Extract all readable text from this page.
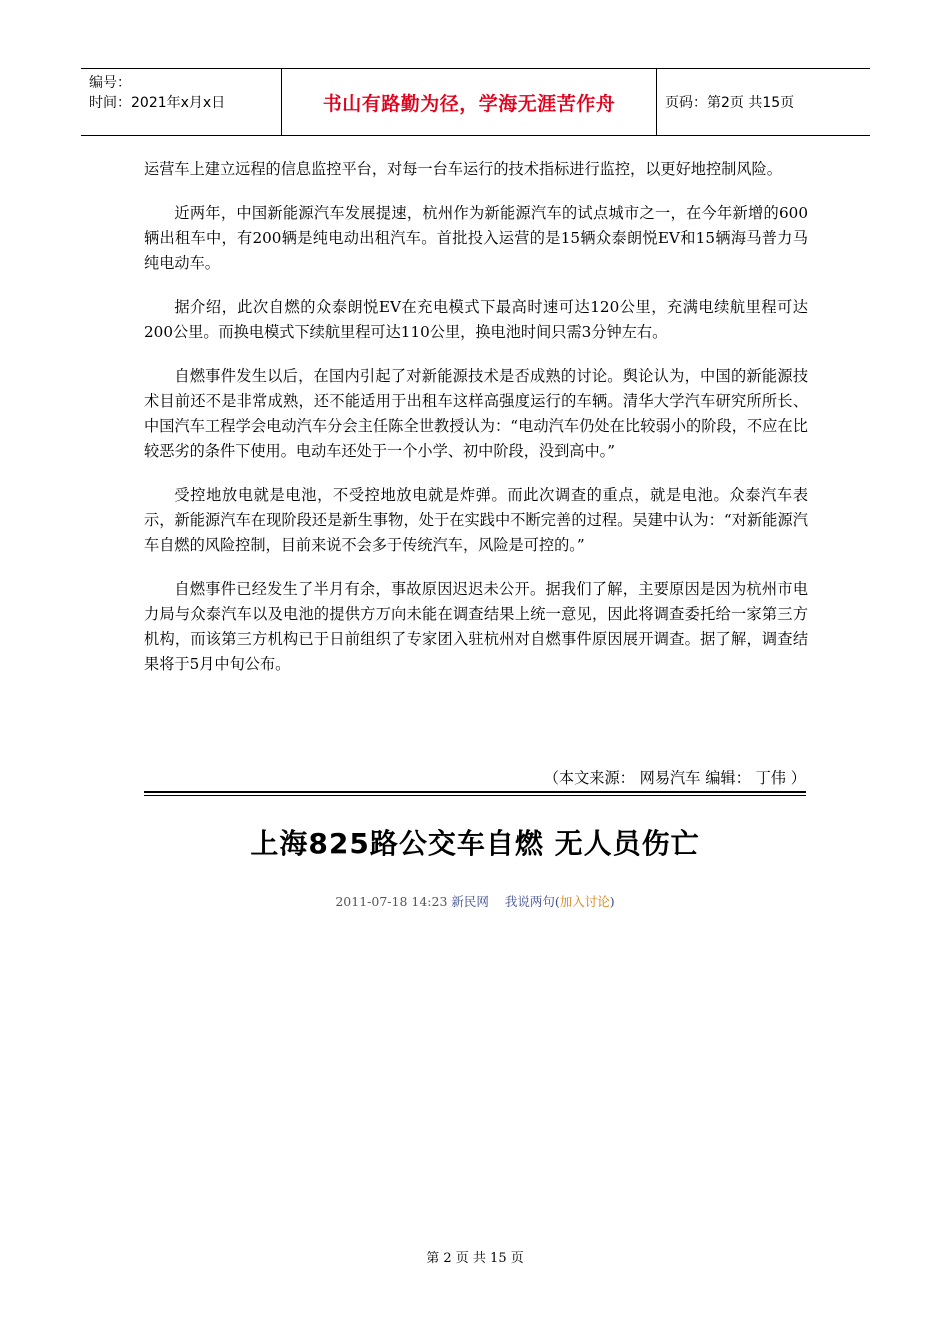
编号：
时间：2021年x月x日	书山有路勤为径，学海无涯苦作舟	页码：第2页 共15页

运营车上建立远程的信息监控平台，对每一台车运行的技术指标进行监控，以更好地控制风险。

近两年，中国新能源汽车发展提速，杭州作为新能源汽车的试点城市之一，在今年新增的600辆出租车中，有200辆是纯电动出租汽车。首批投入运营的是15辆众泰朗悦EV和15辆海马普力马 纯电动车。

据介绍，此次自燃的众泰朗悦EV在充电模式下最高时速可达120公里，充满电续航里程可达200公里。而换电模式下续航里程可达110公里，换电池时间只需3分钟左右。

自燃事件发生以后，在国内引起了对新能源技术是否成熟的讨论。舆论认为，中国的新能源技术目前还不是非常成熟，还不能适用于出租车这样高强度运行的车辆。清华大学汽车研究所所长、中国汽车工程学会电动汽车分会主任陈全世教授认为：“电动汽车仍处在比较弱小的阶段，不应在比较恶劣的条件下使用。电动车还处于一个小学、初中阶段，没到高中。”

受控地放电就是电池，不受控地放电就是炸弹。而此次调查的重点，就是电池。众泰汽车表示，新能源汽车在现阶段还是新生事物，处于在实践中不断完善的过程。吴建中认为：“对新能源汽车自燃的风险控制，目前来说不会多于传统汽车，风险是可控的。”

自燃事件已经发生了半月有余，事故原因迟迟未公开。据我们了解，主要原因是因为杭州市电力局与众泰汽车以及电池的提供方万向未能在调查结果上统一意见，因此将调查委托给一家第三方机构，而该第三方机构已于日前组织了专家团入驻杭州对自燃事件原因展开调查。据了解，调查结果将于5月中旬公布。

（本文来源： 网易汽车 编辑： 丁伟 ）
上海825路公交车自燃 无人员伤亡
2011-07-18 14:23 新民网 我说两句(加入讨论)
第 2 页 共 15 页
